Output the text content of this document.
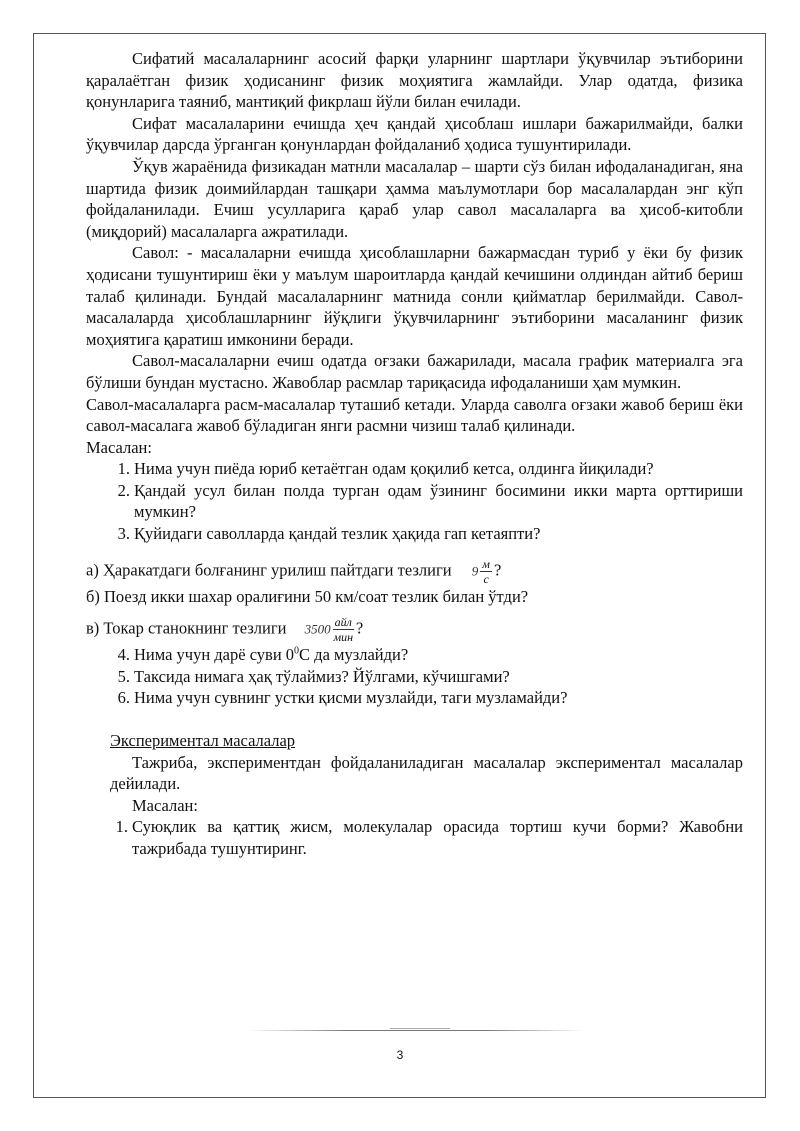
Сифатий масалаларнинг асосий фарқи уларнинг шартлари ўқувчилар эътиборини қаралаётган физик ҳодисанинг физик моҳиятига жамлайди. Улар одатда, физика қонунларига таяниб, мантиқий фикрлаш йўли билан ечилади.

Сифат масалаларини ечишда ҳеч қандай ҳисоблаш ишлари бажарилмайди, балки ўқувчилар дарсда ўрганган қонунлардан фойдаланиб ҳодиса тушунтирилади.

Ўқув жараёнида физикадан матнли масалалар – шарти сўз билан ифодаланадиган, яна шартида физик доимийлардан ташқари ҳамма маълумотлари бор масалалардан энг кўп фойдаланилади. Ечиш усулларига қараб улар савол масалаларга ва ҳисоб-китобли (миқдорий) масалаларга ажратилади.

Савол: - масалаларни ечишда ҳисоблашларни бажармасдан туриб у ёки бу физик ҳодисани тушунтириш ёки у маълум шароитларда қандай кечишини олдиндан айтиб бериш талаб қилинади. Бундай масалаларнинг матнида сонли қийматлар берилмайди. Савол-масалаларда ҳисоблашларнинг йўқлиги ўқувчиларнинг эътиборини масаланинг физик моҳиятига қаратиш имконини беради.

Савол-масалаларни ечиш одатда оғзаки бажарилади, масала график материалга эга бўлиши бундан мустасно. Жавоблар расмлар тариқасида ифодаланиши ҳам мумкин.

Савол-масалаларга расм-масалалар туташиб кетади. Уларда саволга оғзаки жавоб бериш ёки савол-масалага жавоб бўладиган янги расмни чизиш талаб қилинади.

Масалан:

1. Нима учун пиёда юриб кетаётган одам қоқилиб кетса, олдинга йиқилади?
2. Қандай усул билан полда турган одам ўзининг босимини икки марта орттириши мумкин?
3. Қуйидаги саволларда қандай тезлик ҳақида гап кетаяпти?

а) Ҳаракатдаги болғанинг урилиш пайтдаги тезлиги $9 \frac{м}{с}$ ?

б) Поезд икки шахар оралиғини 50 км/соат тезлик билан ўтди?

в) Токар станокнинг тезлиги $3500 \frac{\text{айл}}{\text{мин}}$ ?

4. Нима учун дарё суви $0^0С$ да музлайди?
5. Таксида нимага ҳақ тўлаймиз? Йўлгами, кўчишгами?
6. Нима учун сувнинг устки қисми музлайди, таги музламайди?

Экспериментал масалалар

Тажриба, экспериментдан фойдаланиладиган масалалар экспериментал масалалар дейилади.

Масалан:

1. Суюқлик ва қаттиқ жисм, молекулалар орасида тортиш кучи борми? Жавобни тажрибада тушунтиринг.
3
